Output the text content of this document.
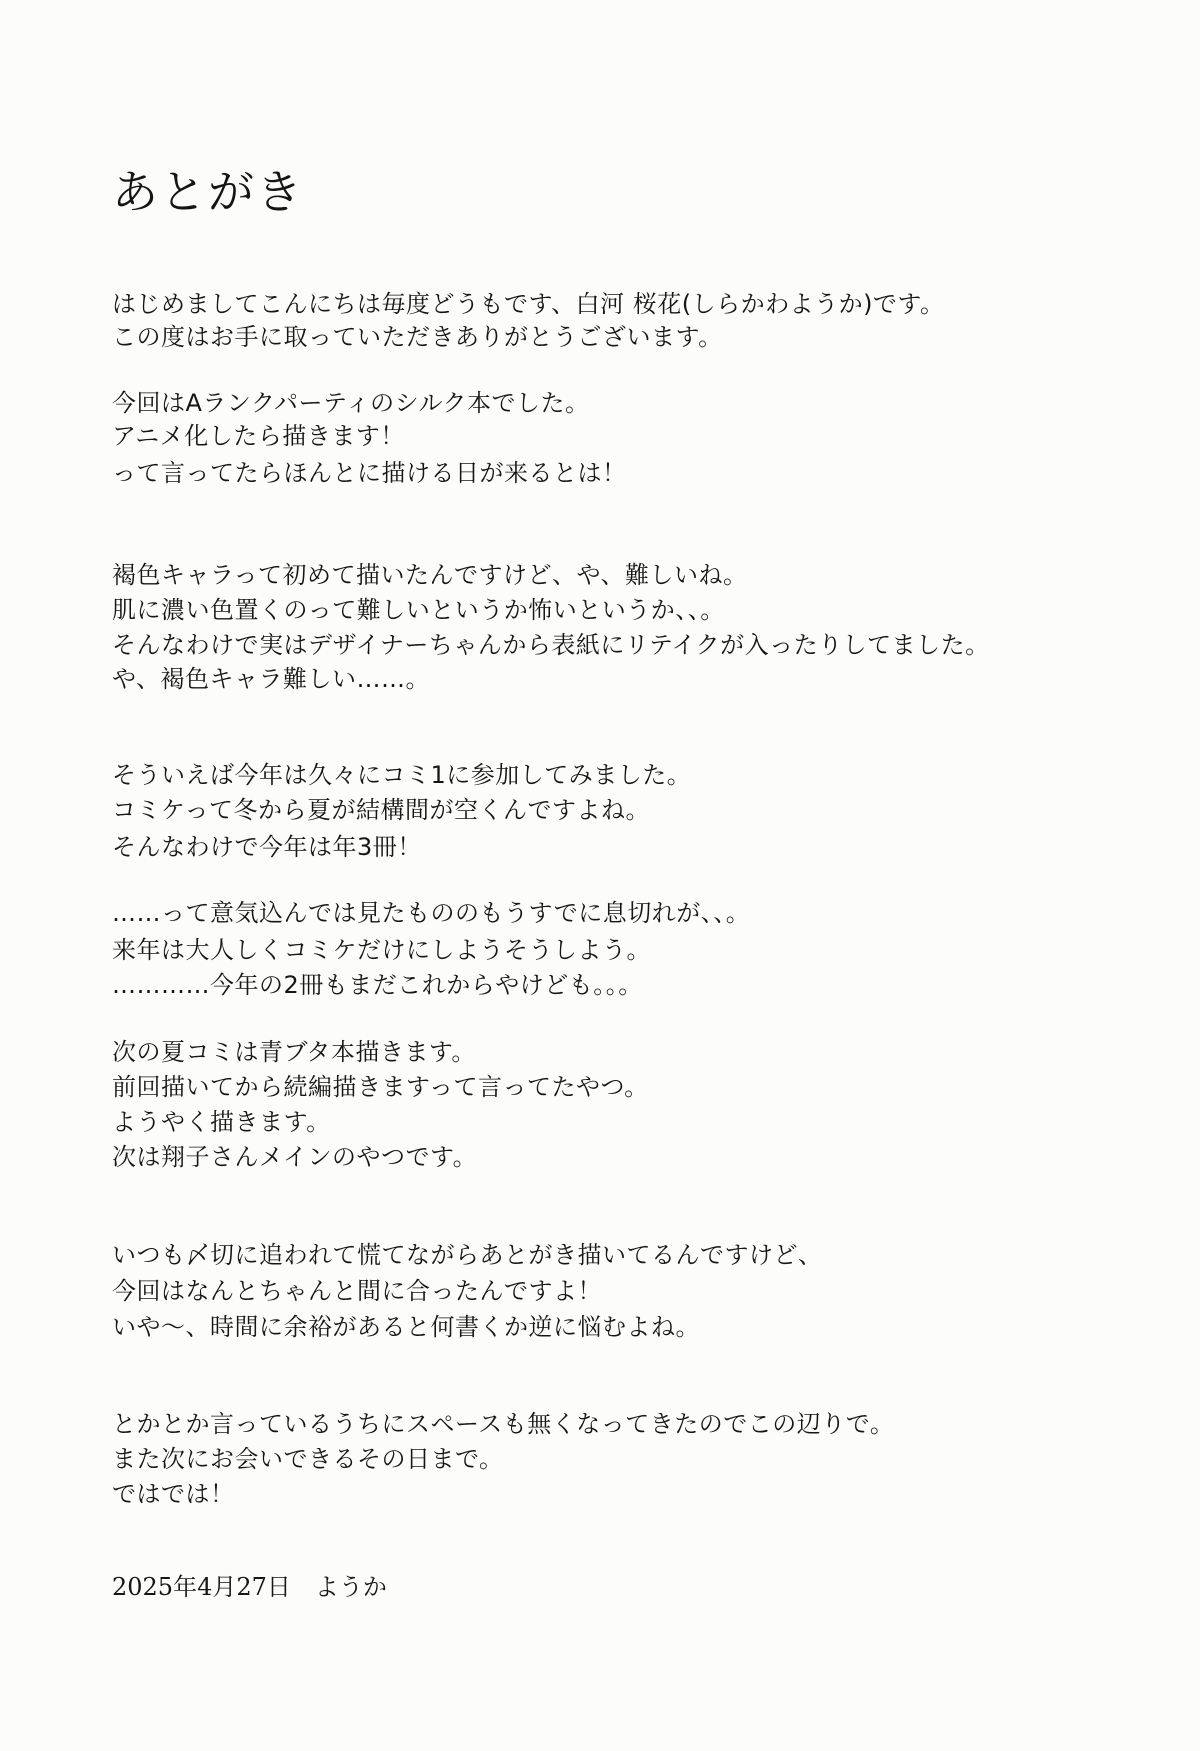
あとがき
はじめましてこんにちは毎度どうもです、白河 桜花(しらかわようか)です。
この度はお手に取っていただきありがとうございます。
今回はAランクパーティのシルク本でした。
アニメ化したら描きます！
って言ってたらほんとに描ける日が来るとは！
褐色キャラって初めて描いたんですけど、や、難しいね。
肌に濃い色置くのって難しいというか怖いというか、、。
そんなわけで実はデザイナーちゃんから表紙にリテイクが入ったりしてました。
や、褐色キャラ難しい……。
そういえば今年は久々にコミ1に参加してみました。
コミケって冬から夏が結構間が空くんですよね。
そんなわけで今年は年3冊！
……って意気込んでは見たもののもうすでに息切れが、、。
来年は大人しくコミケだけにしようそうしよう。
…………今年の2冊もまだこれからやけども。。。
次の夏コミは青ブタ本描きます。
前回描いてから続編描きますって言ってたやつ。
ようやく描きます。
次は翔子さんメインのやつです。
いつも〆切に追われて慌てながらあとがき描いてるんですけど、
今回はなんとちゃんと間に合ったんですよ！
いや〜、時間に余裕があると何書くか逆に悩むよね。
とかとか言っているうちにスペースも無くなってきたのでこの辺りで。
また次にお会いできるその日まで。
ではでは！
2025年4月27日　ようか
